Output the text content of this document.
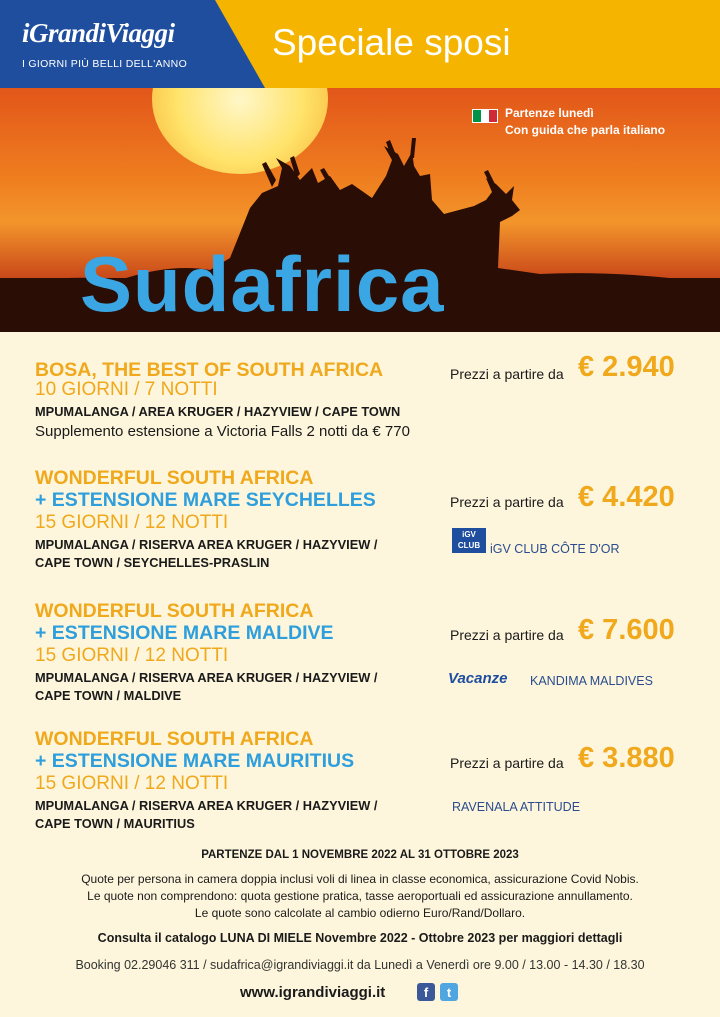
iGrandiViaggi
I GIORNI PIÙ BELLI DELL'ANNO
Speciale sposi
Partenze lunedì
Con guida che parla italiano
Sudafrica
BOSA, THE BEST OF SOUTH AFRICA
10 GIORNI / 7 NOTTI
MPUMALANGA / AREA KRUGER / HAZYVIEW / CAPE TOWN
Supplemento estensione a Victoria Falls 2 notti da € 770
Prezzi a partire da € 2.940
WONDERFUL SOUTH AFRICA
+ ESTENSIONE MARE SEYCHELLES
15 GIORNI / 12 NOTTI
MPUMALANGA / RISERVA AREA KRUGER / HAZYVIEW /
CAPE TOWN / SEYCHELLES-PRASLIN
Prezzi a partire da € 4.420
iGV
CLUB iGV CLUB CÔTE D'OR
WONDERFUL SOUTH AFRICA
+ ESTENSIONE MARE MALDIVE
15 GIORNI / 12 NOTTI
MPUMALANGA / RISERVA AREA KRUGER / HAZYVIEW /
CAPE TOWN / MALDIVE
Prezzi a partire da € 7.600
Vacanze KANDIMA MALDIVES
WONDERFUL SOUTH AFRICA
+ ESTENSIONE MARE MAURITIUS
15 GIORNI / 12 NOTTI
MPUMALANGA / RISERVA AREA KRUGER / HAZYVIEW /
CAPE TOWN / MAURITIUS
Prezzi a partire da € 3.880
RAVENALA ATTITUDE
PARTENZE DAL 1 NOVEMBRE 2022 AL 31 OTTOBRE 2023
Quote per persona in camera doppia inclusi voli di linea in classe economica, assicurazione Covid Nobis.
Le quote non comprendono: quota gestione pratica, tasse aeroportuali ed assicurazione annullamento.
Le quote sono calcolate al cambio odierno Euro/Rand/Dollaro.
Consulta il catalogo LUNA DI MIELE Novembre 2022 - Ottobre 2023 per maggiori dettagli
Booking 02.29046 311 / sudafrica@igrandiviaggi.it da Lunedì a Venerdì ore 9.00 / 13.00 - 14.30 / 18.30
www.igrandiviaggi.it	f	t
